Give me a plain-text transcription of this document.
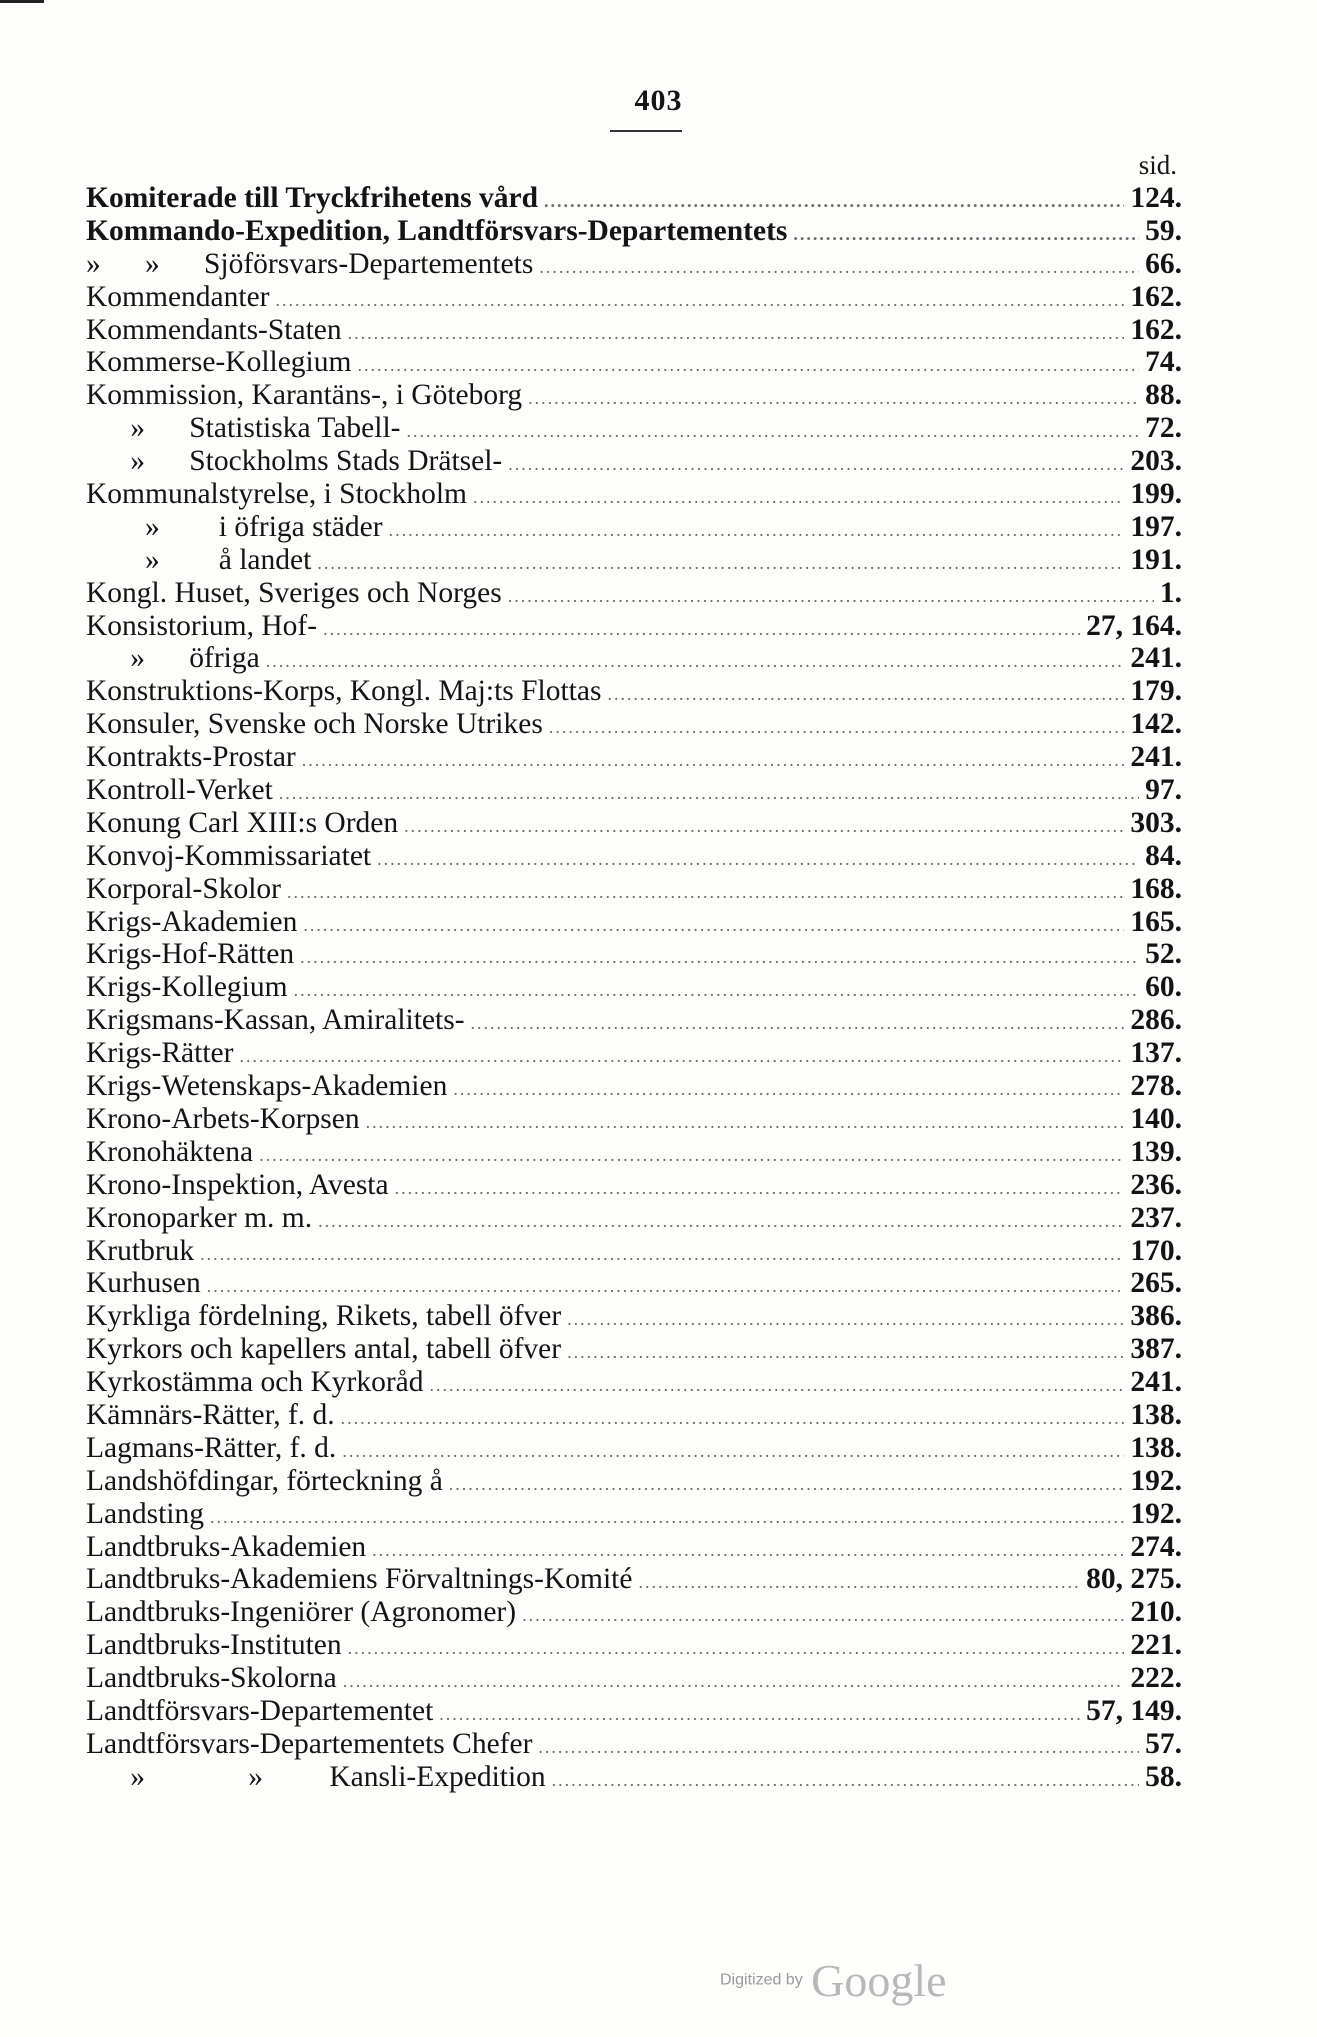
403
sid.
Komiterade till Tryckfrihetens vård .....	124.
Kommando-Expedition, Landtförsvars-Departementets .....	59.
»      »      Sjöförsvars-Departementets .....	66.
Kommendanter .....	162.
Kommendants-Staten .....	162.
Kommerse-Kollegium .....	74.
Kommission, Karantäns-, i Göteborg .....	88.
»      Statistiska Tabell- .....	72.
»      Stockholms Stads Drätsel- .....	203.
Kommunalstyrelse, i Stockholm .....	199.
»        i öfriga städer .....	197.
»        å landet .....	191.
Kongl. Huset, Sveriges och Norges .....	1.
Konsistorium, Hof- .....	27, 164.
»      öfriga .....	241.
Konstruktions-Korps, Kongl. Maj:ts Flottas .....	179.
Konsuler, Svenske och Norske Utrikes .....	142.
Kontrakts-Prostar .....	241.
Kontroll-Verket .....	97.
Konung Carl XIII:s Orden .....	303.
Konvoj-Kommissariatet .....	84.
Korporal-Skolor .....	168.
Krigs-Akademien .....	165.
Krigs-Hof-Rätten .....	52.
Krigs-Kollegium .....	60.
Krigsmans-Kassan, Amiralitets- .....	286.
Krigs-Rätter .....	137.
Krigs-Wetenskaps-Akademien .....	278.
Krono-Arbets-Korpsen .....	140.
Kronohäktena .....	139.
Krono-Inspektion, Avesta .....	236.
Kronoparker m. m. .....	237.
Krutbruk .....	170.
Kurhusen .....	265.
Kyrkliga fördelning, Rikets, tabell öfver .....	386.
Kyrkors och kapellers antal, tabell öfver .....	387.
Kyrkostämma och Kyrkoråd .....	241.
Kämnärs-Rätter, f. d. .....	138.
Lagmans-Rätter, f. d. .....	138.
Landshöfdingar, förteckning å .....	192.
Landsting .....	192.
Landtbruks-Akademien .....	274.
Landtbruks-Akademiens Förvaltnings-Komité .....	80, 275.
Landtbruks-Ingeniörer (Agronomer) .....	210.
Landtbruks-Instituten .....	221.
Landtbruks-Skolorna .....	222.
Landtförsvars-Departementet .....	57, 149.
Landtförsvars-Departementets Chefer .....	57.
»              »         Kansli-Expedition .....	58.
Digitized by Google
